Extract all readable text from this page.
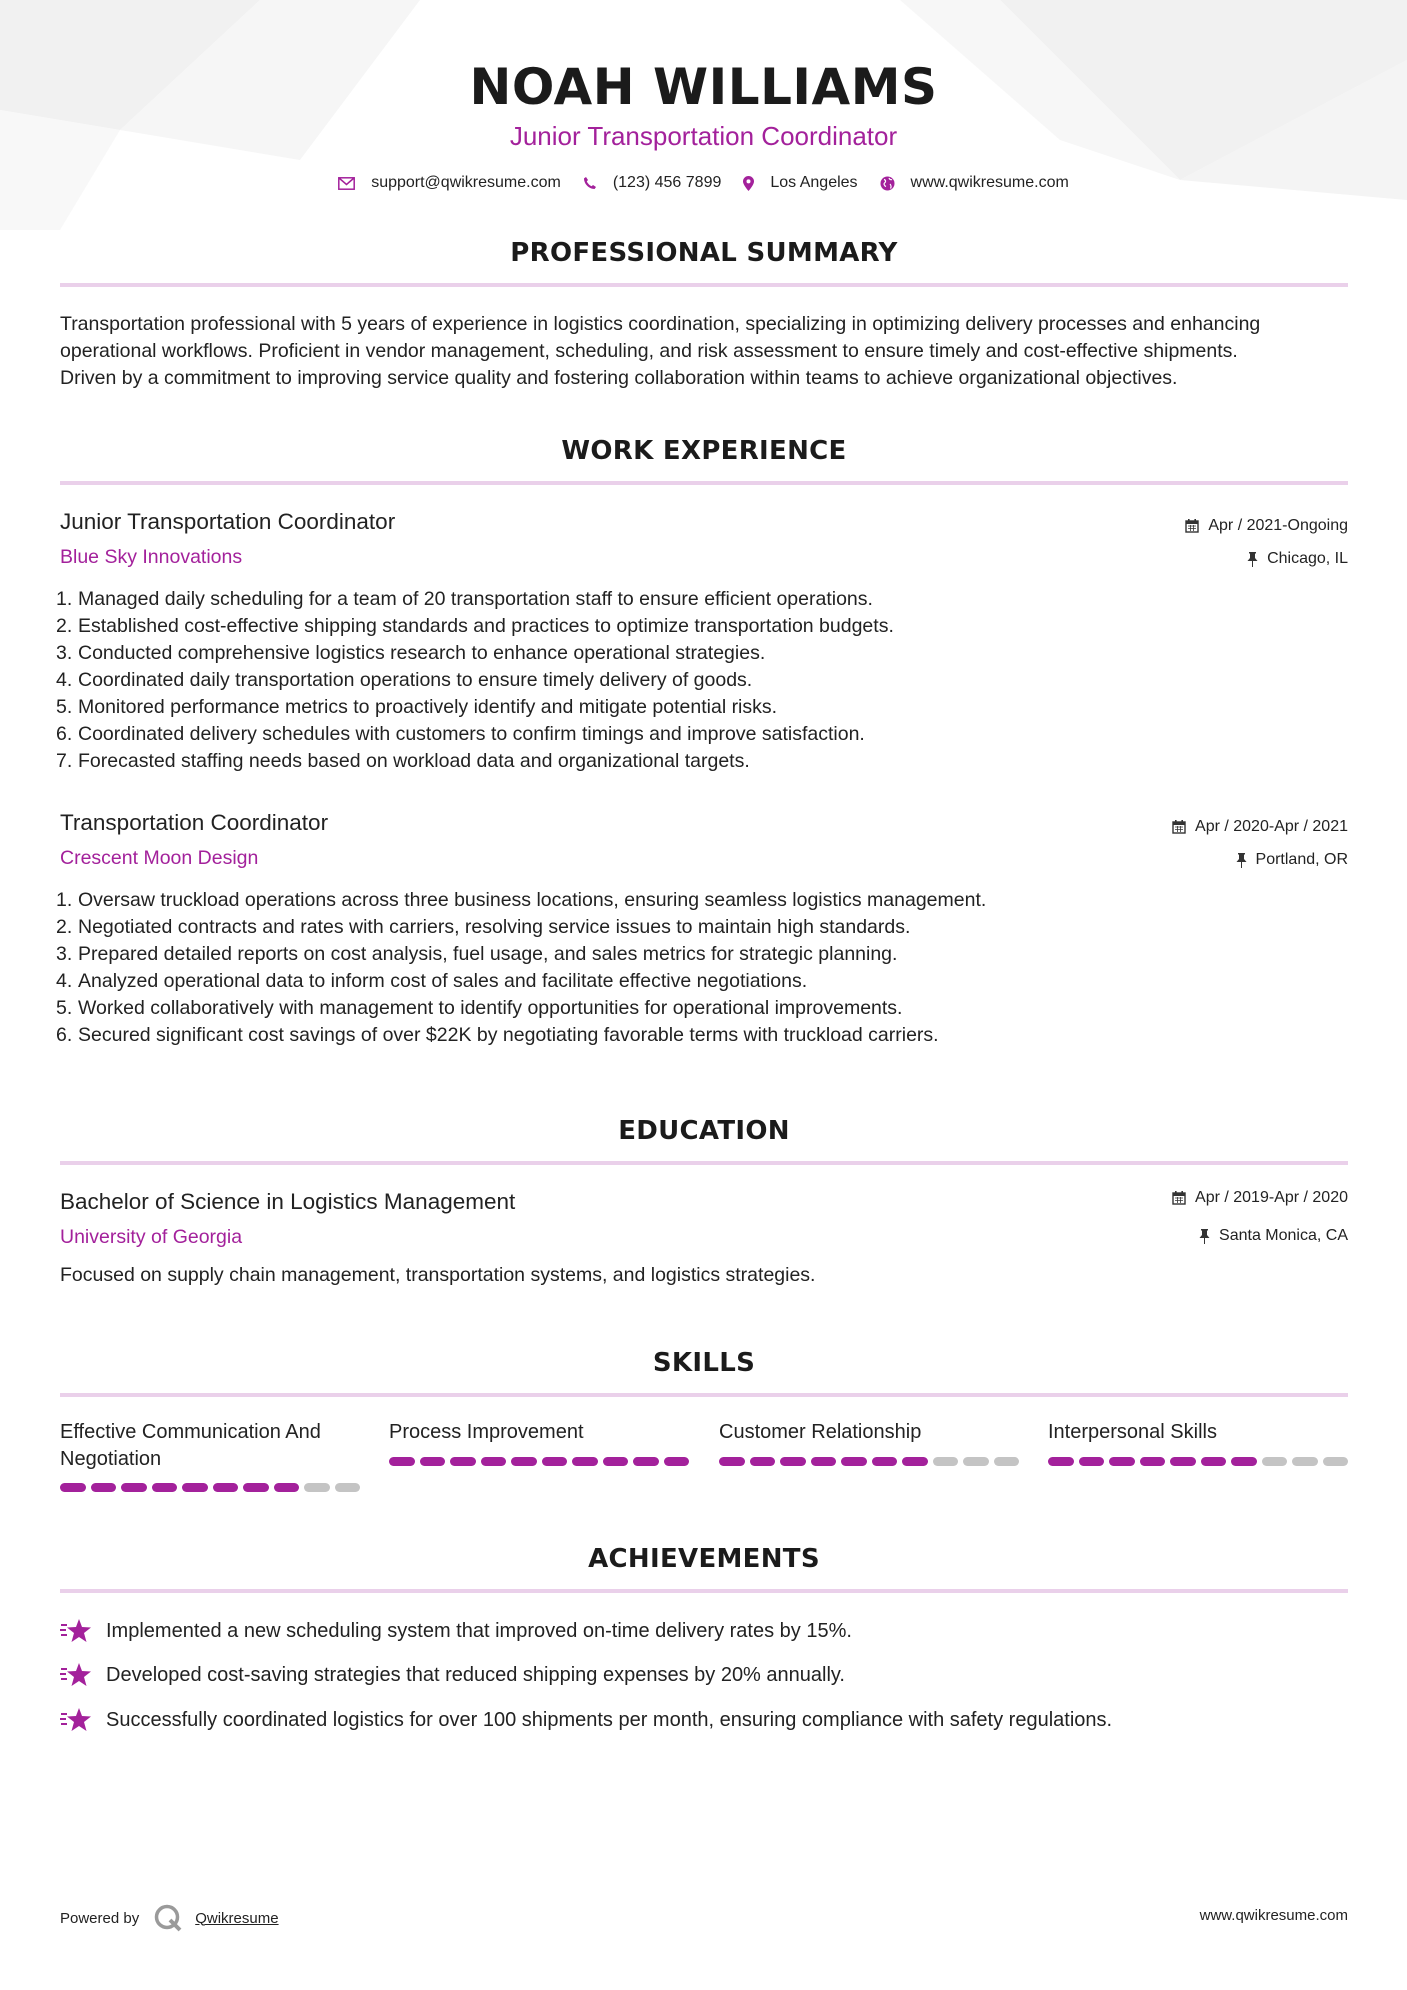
NOAH WILLIAMS
Junior Transportation Coordinator
support@qwikresume.com	(123) 456 7899	Los Angeles	www.qwikresume.com
PROFESSIONAL SUMMARY
Transportation professional with 5 years of experience in logistics coordination, specializing in optimizing delivery processes and enhancing
operational workflows. Proficient in vendor management, scheduling, and risk assessment to ensure timely and cost-effective shipments.
Driven by a commitment to improving service quality and fostering collaboration within teams to achieve organizational objectives.
WORK EXPERIENCE
Junior Transportation Coordinator
Blue Sky Innovations
Apr / 2021-Ongoing
Chicago, IL
1. Managed daily scheduling for a team of 20 transportation staff to ensure efficient operations.
2. Established cost-effective shipping standards and practices to optimize transportation budgets.
3. Conducted comprehensive logistics research to enhance operational strategies.
4. Coordinated daily transportation operations to ensure timely delivery of goods.
5. Monitored performance metrics to proactively identify and mitigate potential risks.
6. Coordinated delivery schedules with customers to confirm timings and improve satisfaction.
7. Forecasted staffing needs based on workload data and organizational targets.
Transportation Coordinator
Crescent Moon Design
Apr / 2020-Apr / 2021
Portland, OR
1. Oversaw truckload operations across three business locations, ensuring seamless logistics management.
2. Negotiated contracts and rates with carriers, resolving service issues to maintain high standards.
3. Prepared detailed reports on cost analysis, fuel usage, and sales metrics for strategic planning.
4. Analyzed operational data to inform cost of sales and facilitate effective negotiations.
5. Worked collaboratively with management to identify opportunities for operational improvements.
6. Secured significant cost savings of over $22K by negotiating favorable terms with truckload carriers.
EDUCATION
Bachelor of Science in Logistics Management
University of Georgia
Apr / 2019-Apr / 2020
Santa Monica, CA
Focused on supply chain management, transportation systems, and logistics strategies.
SKILLS
Effective Communication And
Negotiation
Process Improvement	Customer Relationship	Interpersonal Skills
ACHIEVEMENTS
Implemented a new scheduling system that improved on-time delivery rates by 15%.
Developed cost-saving strategies that reduced shipping expenses by 20% annually.
Successfully coordinated logistics for over 100 shipments per month, ensuring compliance with safety regulations.
Powered by	Qwikresume	www.qwikresume.com
